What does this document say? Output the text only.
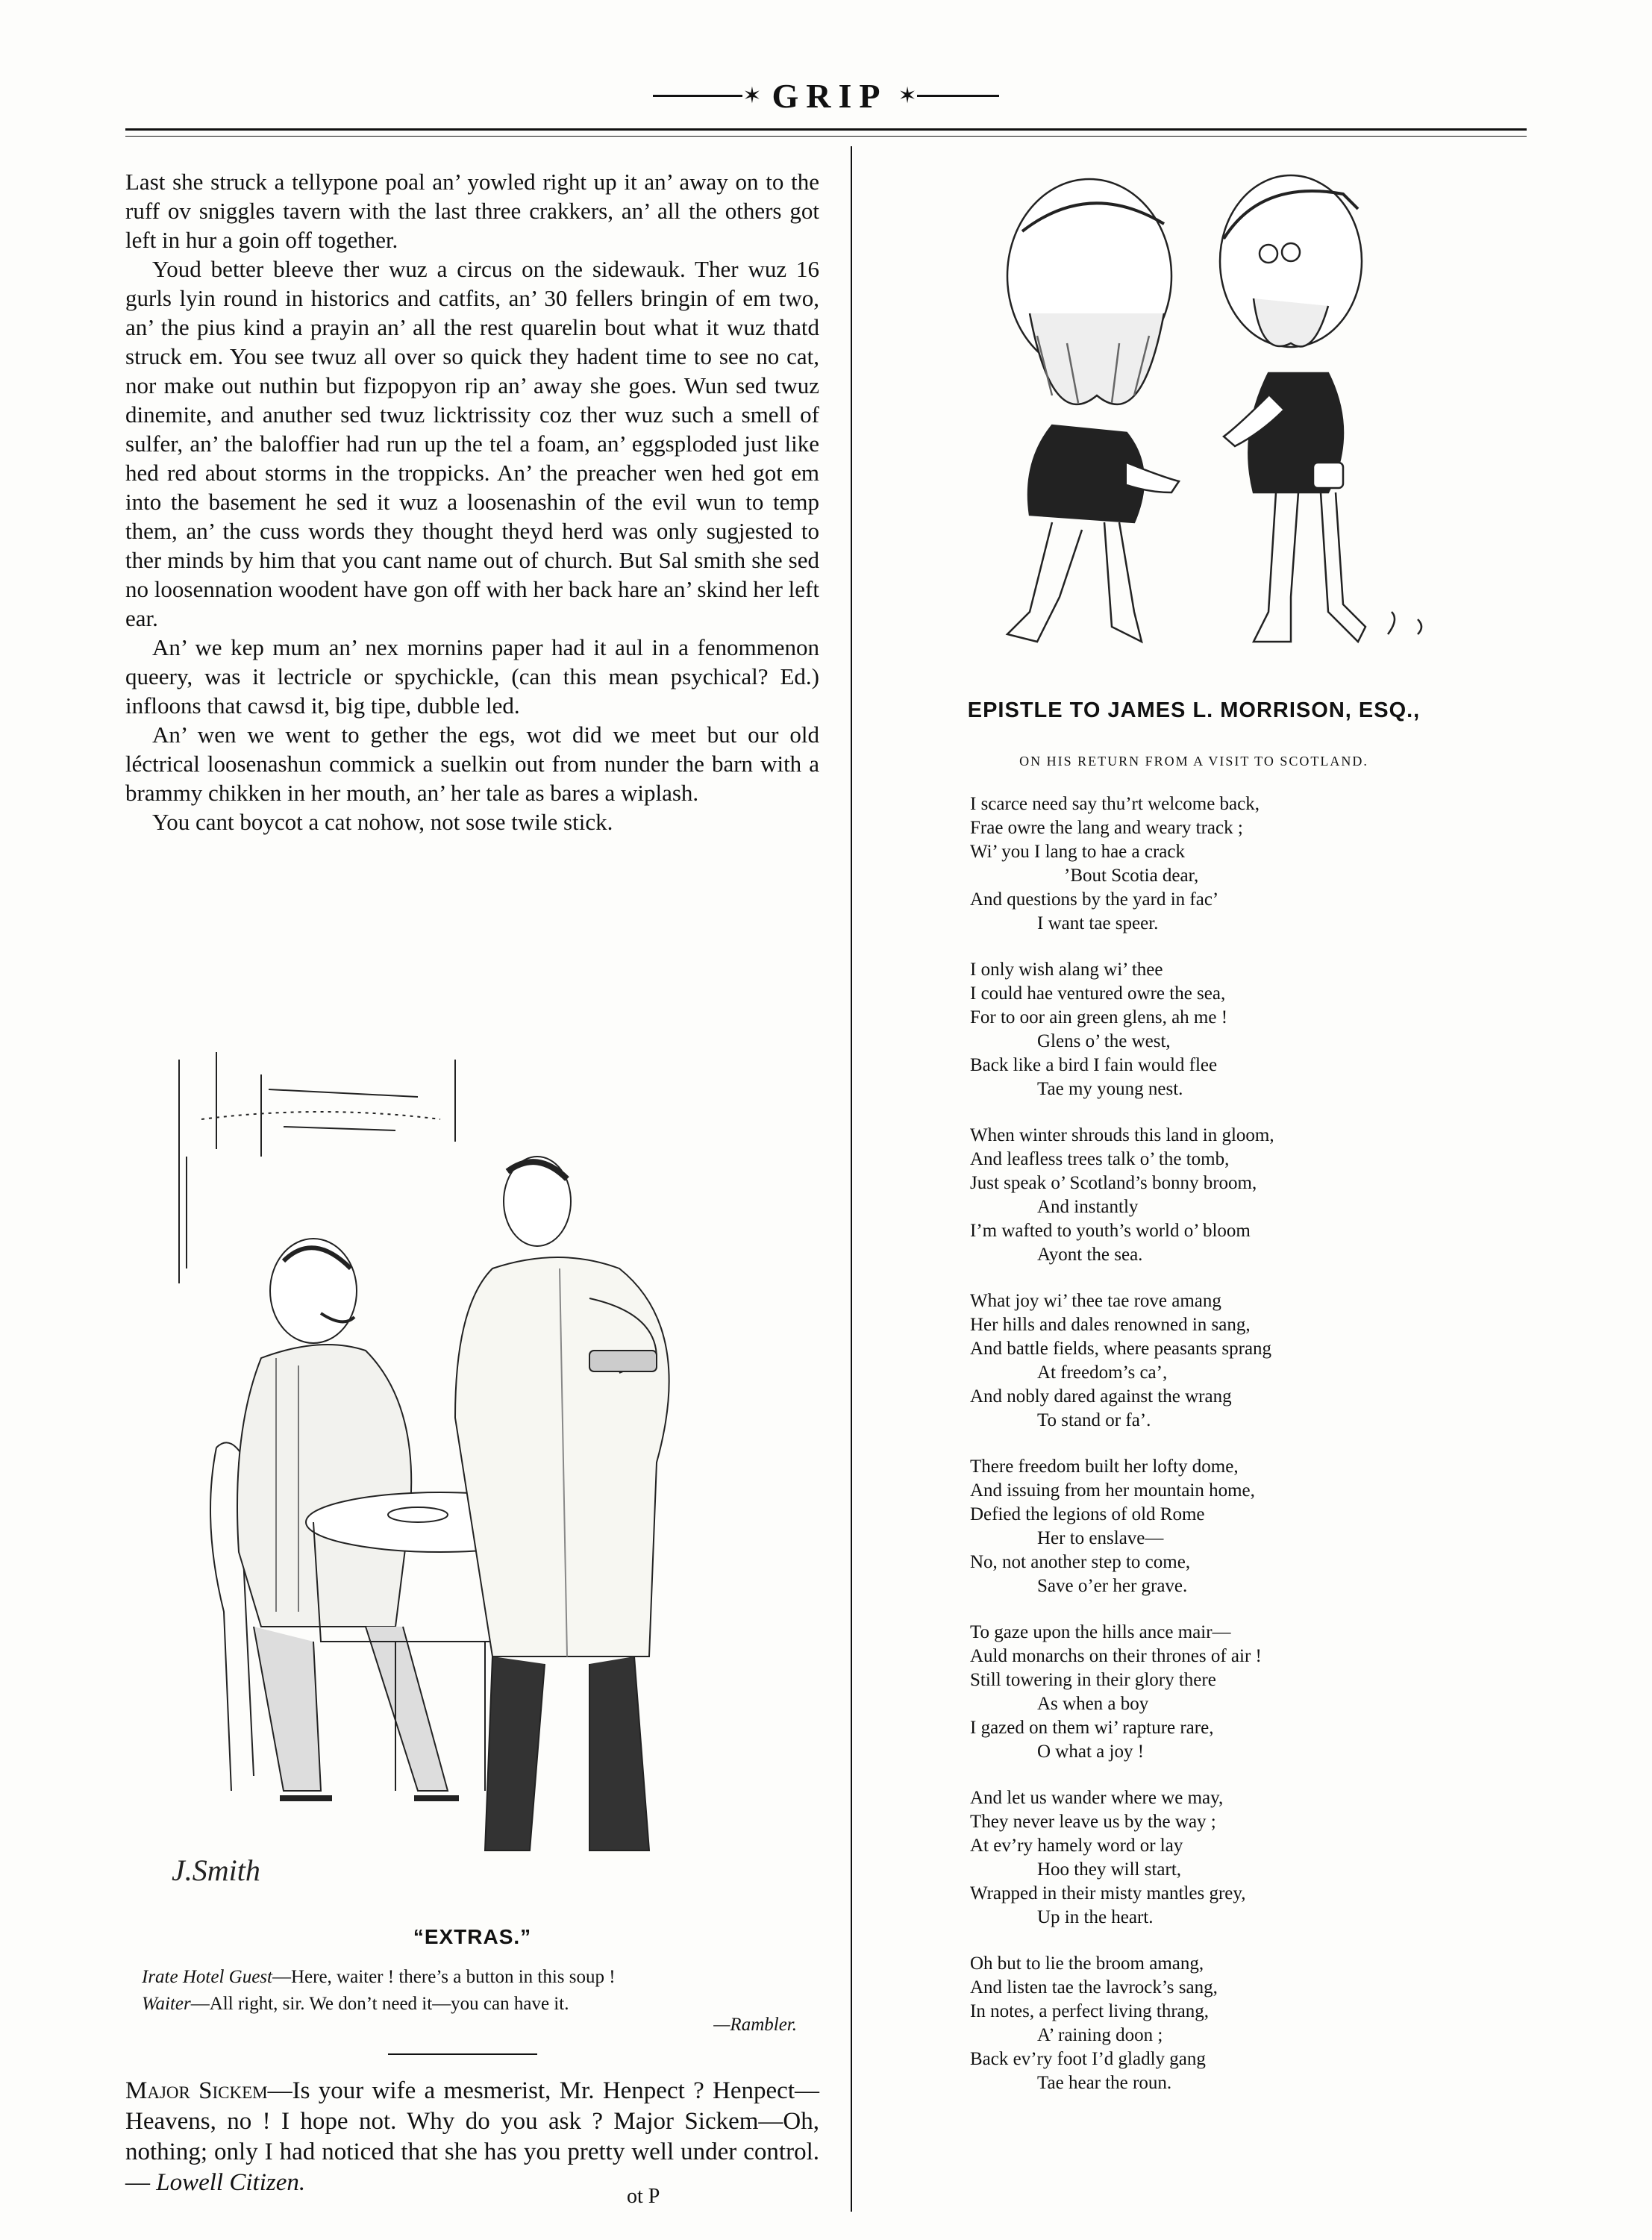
✶ GRIP ✶

Last she struck a tellypone poal an’ yowled right up it an’ away on to the ruff ov sniggles tavern with the last three crakkers, an’ all the others got left in hur a goin off together.

Youd better bleeve ther wuz a circus on the sidewauk. Ther wuz 16 gurls lyin round in historics and catfits, an’ 30 fellers bringin of em two, an’ the pius kind a prayin an’ all the rest quarelin bout what it wuz thatd struck em. You see twuz all over so quick they hadent time to see no cat, nor make out nuthin but fizpopyon rip an’ away she goes. Wun sed twuz dinemite, and anuther sed twuz licktrissity coz ther wuz such a smell of sulfer, an’ the baloffier had run up the tel a foam, an’ eggsploded just like hed red about storms in the troppicks. An’ the preacher wen hed got em into the basement he sed it wuz a loosenashin of the evil wun to temp them, an’ the cuss words they thought theyd herd was only sugjested to ther minds by him that you cant name out of church. But Sal smith she sed no loosennation woodent have gon off with her back hare an’ skind her left ear.

An’ we kep mum an’ nex mornins paper had it aul in a fenommenon queery, was it lectricle or spychickle, (can this mean psychical? Ed.) infloons that cawsd it, big tipe, dubble led.

An’ wen we went to gether the egs, wot did we meet but our old léctrical loosenashun commick a suelkin out from nunder the barn with a brammy chikken in her mouth, an’ her tale as bares a wiplash.

You cant boycot a cat nohow, not sose twile stick.

J.Smith
“EXTRAS.”
Irate Hotel Guest—Here, waiter ! there’s a button in this soup !
Waiter—All right, sir. We don’t need it—you can have it.
—Rambler.
Major Sickem—Is your wife a mesmerist, Mr. Henpect ? Henpect—Heavens, no ! I hope not. Why do you ask ? Major Sickem—Oh, nothing; only I had noticed that she has you pretty well under control.— Lowell Citizen.
ot P
EPISTLE TO JAMES L. MORRISON, ESQ.,
ON HIS RETURN FROM A VISIT TO SCOTLAND.
I scarce need say thu’rt welcome back,
Frae owre the lang and weary track ;
Wi’ you I lang to hae a crack
’Bout Scotia dear,
And questions by the yard in fac’
I want tae speer.
I only wish alang wi’ thee
I could hae ventured owre the sea,
For to oor ain green glens, ah me !
Glens o’ the west,
Back like a bird I fain would flee
Tae my young nest.
When winter shrouds this land in gloom,
And leafless trees talk o’ the tomb,
Just speak o’ Scotland’s bonny broom,
And instantly
I’m wafted to youth’s world o’ bloom
Ayont the sea.
What joy wi’ thee tae rove amang
Her hills and dales renowned in sang,
And battle fields, where peasants sprang
At freedom’s ca’,
And nobly dared against the wrang
To stand or fa’.
There freedom built her lofty dome,
And issuing from her mountain home,
Defied the legions of old Rome
Her to enslave—
No, not another step to come,
Save o’er her grave.
To gaze upon the hills ance mair—
Auld monarchs on their thrones of air !
Still towering in their glory there
As when a boy
I gazed on them wi’ rapture rare,
O what a joy !
And let us wander where we may,
They never leave us by the way ;
At ev’ry hamely word or lay
Hoo they will start,
Wrapped in their misty mantles grey,
Up in the heart.
Oh but to lie the broom amang,
And listen tae the lavrock’s sang,
In notes, a perfect living thrang,
A’ raining doon ;
Back ev’ry foot I’d gladly gang
Tae hear the roun.
